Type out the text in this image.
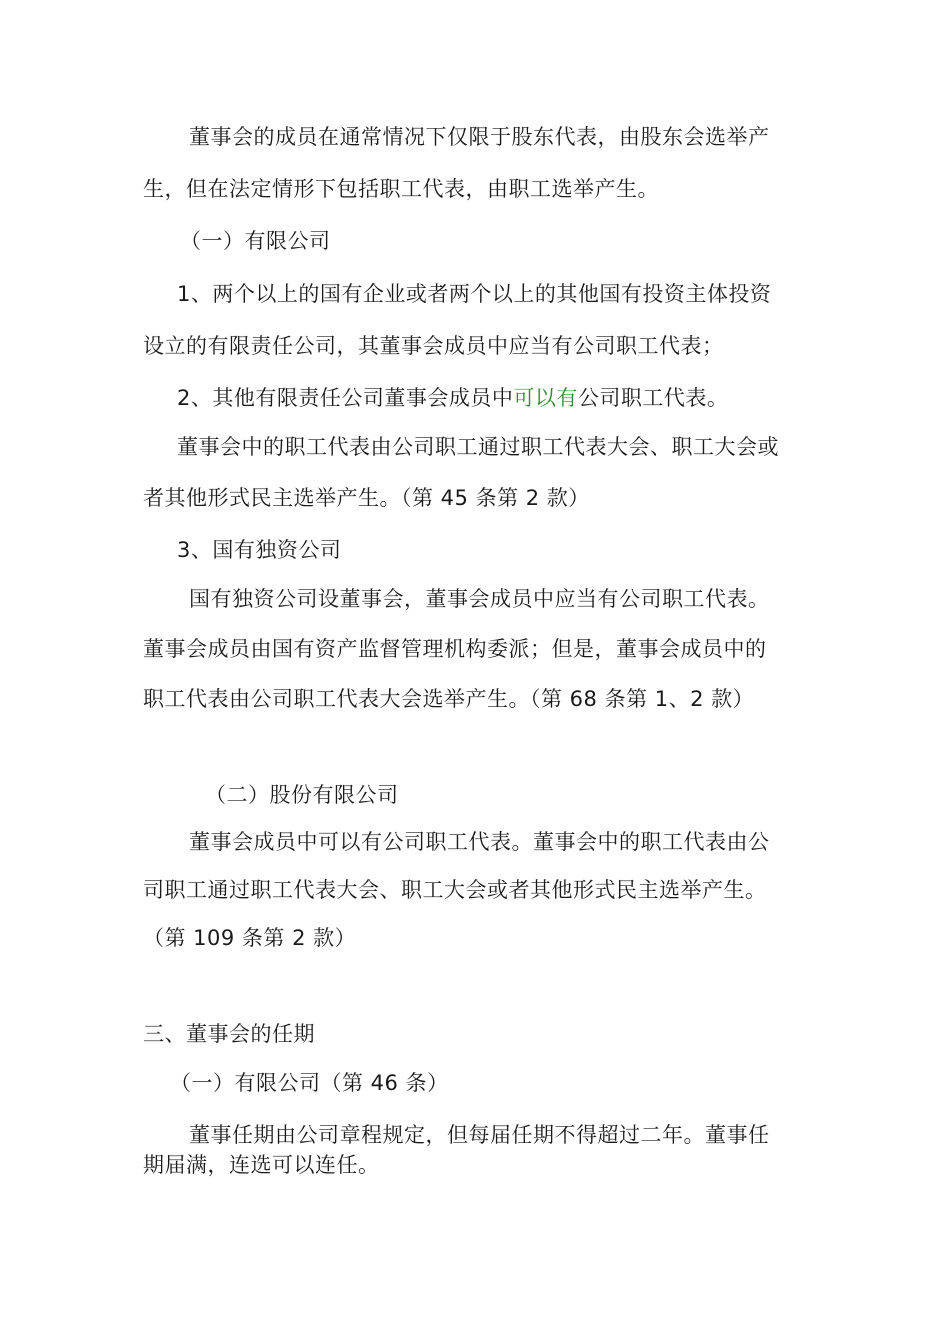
董事会的成员在通常情况下仅限于股东代表，由股东会选举产
生，但在法定情形下包括职工代表，由职工选举产生。
（一）有限公司
1、两个以上的国有企业或者两个以上的其他国有投资主体投资
设立的有限责任公司，其董事会成员中应当有公司职工代表；
2、其他有限责任公司董事会成员中可以有公司职工代表。
董事会中的职工代表由公司职工通过职工代表大会、职工大会或
者其他形式民主选举产生。（第 45 条第 2 款）
3、国有独资公司
国有独资公司设董事会，董事会成员中应当有公司职工代表。
董事会成员由国有资产监督管理机构委派；但是，董事会成员中的
职工代表由公司职工代表大会选举产生。（第 68 条第 1、2 款）
（二）股份有限公司
董事会成员中可以有公司职工代表。董事会中的职工代表由公
司职工通过职工代表大会、职工大会或者其他形式民主选举产生。
（第 109 条第 2 款）
三、董事会的任期
（一）有限公司（第 46 条）
董事任期由公司章程规定，但每届任期不得超过二年。董事任
期届满，连选可以连任。
